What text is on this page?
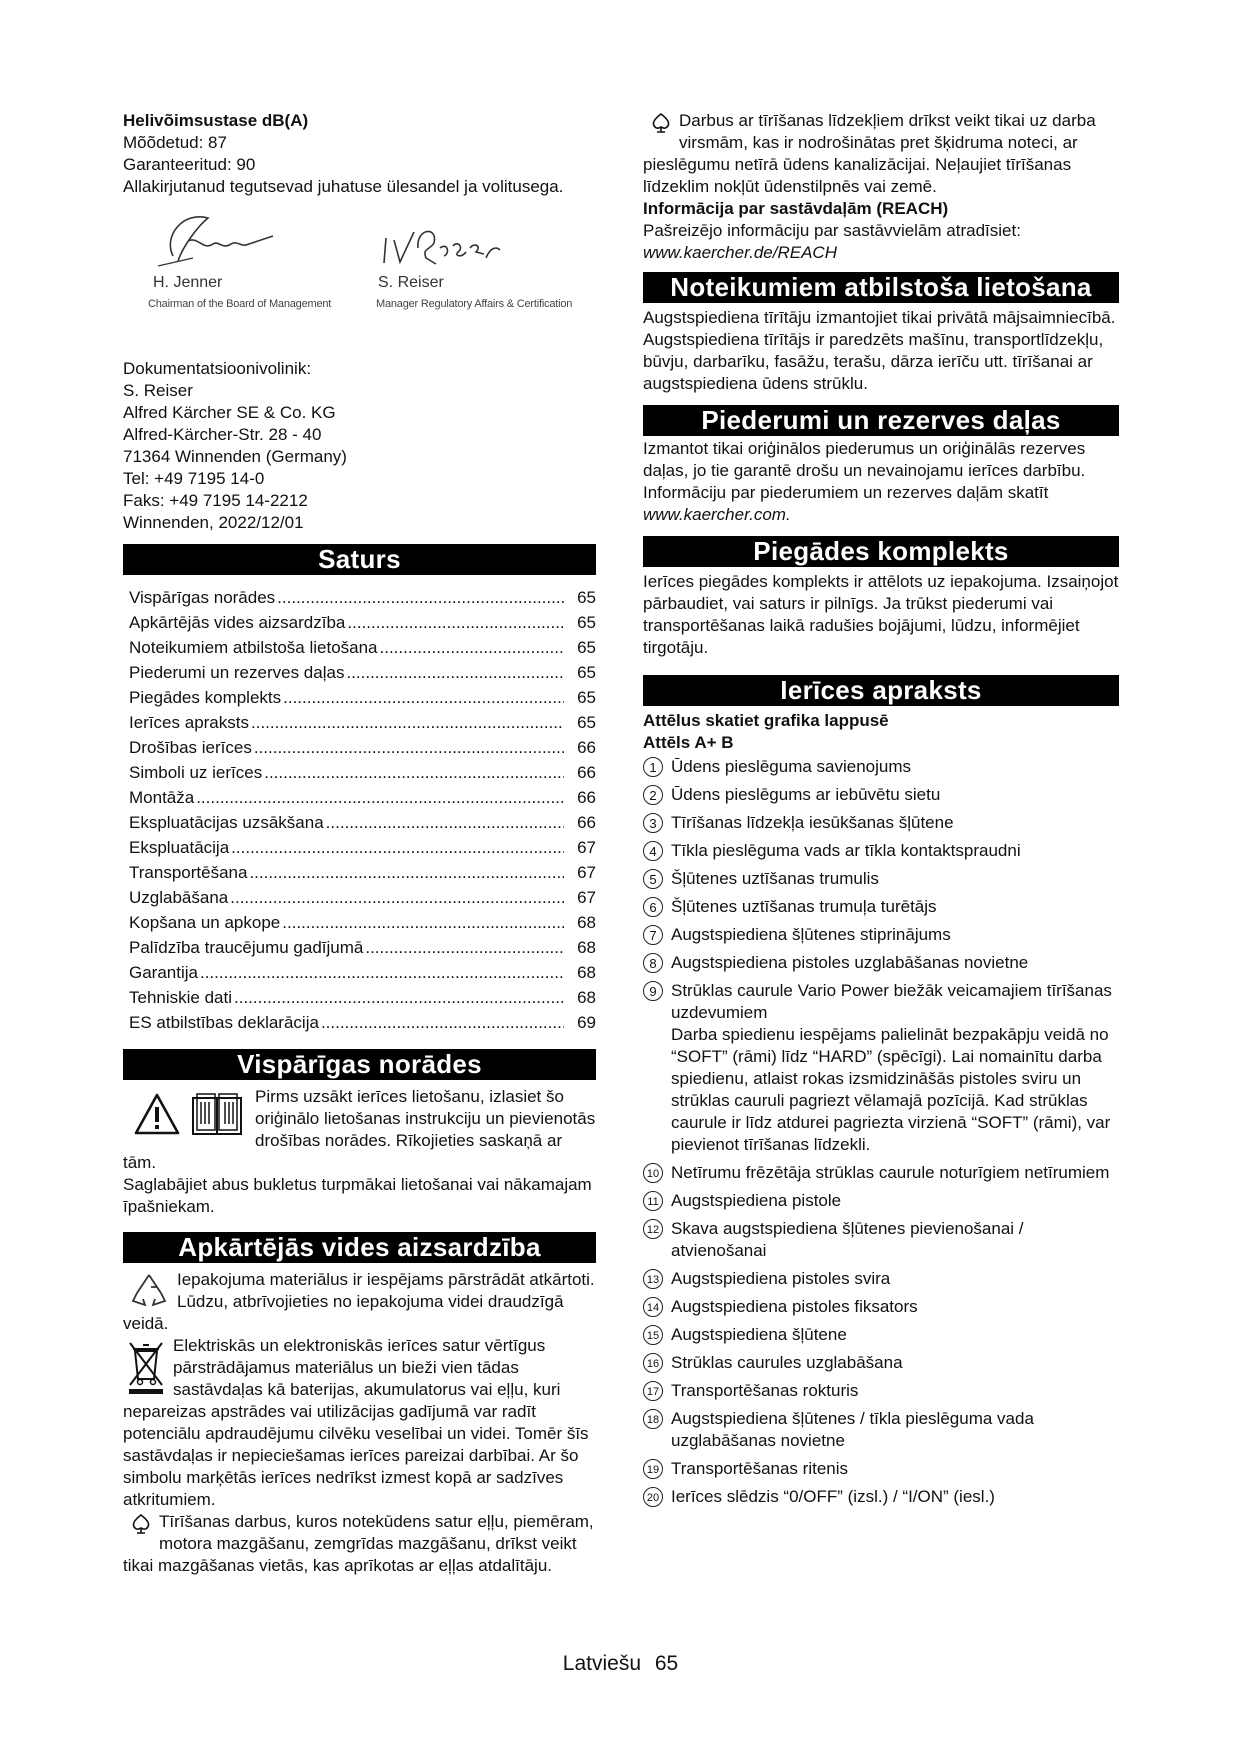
Helivõimsustase dB(A)

Mõõdetud: 87

Garanteeritud: 90

Allakirjutanud tegutsevad juhatuse ülesandel ja volitusega.

H. Jenner
Chairman of the Board of Management
S. Reiser
Manager Regulatory Affairs & Certification

Dokumentatsioonivolinik:

S. Reiser

Alfred Kärcher SE & Co. KG

Alfred-Kärcher-Str. 28 - 40

71364 Winnenden (Germany)

Tel: +49 7195 14-0

Faks: +49 7195 14-2212

Winnenden, 2022/12/01

Saturs
Vispārīgas norādes .....	65
Apkārtējās vides aizsardzība .....	65
Noteikumiem atbilstoša lietošana .....	65
Piederumi un rezerves daļas .....	65
Piegādes komplekts .....	65
Ierīces apraksts .....	65
Drošības ierīces .....	66
Simboli uz ierīces .....	66
Montāža .....	66
Ekspluatācijas uzsākšana .....	66
Ekspluatācija .....	67
Transportēšana .....	67
Uzglabāšana .....	67
Kopšana un apkope .....	68
Palīdzība traucējumu gadījumā .....	68
Garantija .....	68
Tehniskie dati .....	68
ES atbilstības deklarācija .....	69
Vispārīgas norādes

Pirms uzsākt ierīces lietošanu, izlasiet šo oriģinālo lietošanas instrukciju un pievienotās drošības norādes. Rīkojieties saskaņā ar tām.

Saglabājiet abus bukletus turpmākai lietošanai vai nākamajam īpašniekam.

Apkārtējās vides aizsardzība

Iepakojuma materiālus ir iespējams pārstrādāt atkārtoti. Lūdzu, atbrīvojieties no iepakojuma videi draudzīgā veidā.

Elektriskās un elektroniskās ierīces satur vērtīgus pārstrādājamus materiālus un bieži vien tādas sastāvdaļas kā baterijas, akumulatorus vai eļļu, kuri nepareizas apstrādes vai utilizācijas gadījumā var radīt potenciālu apdraudējumu cilvēku veselībai un videi. Tomēr šīs sastāvdaļas ir nepieciešamas ierīces pareizai darbībai. Ar šo simbolu marķētās ierīces nedrīkst izmest kopā ar sadzīves atkritumiem.

Tīrīšanas darbus, kuros notekūdens satur eļļu, piemēram, motora mazgāšanu, zemgrīdas mazgāšanu, drīkst veikt tikai mazgāšanas vietās, kas aprīkotas ar eļļas atdalītāju.

Darbus ar tīrīšanas līdzekļiem drīkst veikt tikai uz darba virsmām, kas ir nodrošinātas pret šķidruma noteci, ar pieslēgumu netīrā ūdens kanalizācijai. Neļaujiet tīrīšanas līdzeklim nokļūt ūdenstilpnēs vai zemē.

Informācija par sastāvdaļām (REACH)

Pašreizējo informāciju par sastāvvielām atradīsiet:

www.kaercher.de/REACH

Noteikumiem atbilstoša lietošana

Augstspiediena tīrītāju izmantojiet tikai privātā mājsaimniecībā.

Augstspiediena tīrītājs ir paredzēts mašīnu, transportlīdzekļu, būvju, darbarīku, fasāžu, terašu, dārza ierīču utt. tīrīšanai ar augstspiediena ūdens strūklu.

Piederumi un rezerves daļas

Izmantot tikai oriģinālos piederumus un oriģinālās rezerves daļas, jo tie garantē drošu un nevainojamu ierīces darbību.

Informāciju par piederumiem un rezerves daļām skatīt

www.kaercher.com.

Piegādes komplekts

Ierīces piegādes komplekts ir attēlots uz iepakojuma. Izsaiņojot pārbaudiet, vai saturs ir pilnīgs. Ja trūkst piederumi vai transportēšanas laikā radušies bojājumi, lūdzu, informējiet tirgotāju.

Ierīces apraksts

Attēlus skatiet grafika lappusē

Attēls A+ B

1 Ūdens pieslēguma savienojums
2 Ūdens pieslēgums ar iebūvētu sietu
3 Tīrīšanas līdzekļa iesūkšanas šļūtene
4 Tīkla pieslēguma vads ar tīkla kontaktspraudni
5 Šļūtenes uztīšanas trumulis
6 Šļūtenes uztīšanas trumuļa turētājs
7 Augstspiediena šļūtenes stiprinājums
8 Augstspiediena pistoles uzglabāšanas novietne
9 Strūklas caurule Vario Power biežāk veicamajiem tīrīšanas uzdevumiem
Darba spiedienu iespējams palielināt bezpakāpju veidā no “SOFT” (rāmi) līdz “HARD” (spēcīgi). Lai nomainītu darba spiedienu, atlaist rokas izsmidzināšās pistoles sviru un strūklas cauruli pagriezt vēlamajā pozīcijā. Kad strūklas caurule ir līdz atdurei pagriezta virzienā “SOFT” (rāmi), var pievienot tīrīšanas līdzekli.
10 Netīrumu frēzētāja strūklas caurule noturīgiem netīrumiem
11 Augstspiediena pistole
12 Skava augstspiediena šļūtenes pievienošanai / atvienošanai
13 Augstspiediena pistoles svira
14 Augstspiediena pistoles fiksators
15 Augstspiediena šļūtene
16 Strūklas caurules uzglabāšana
17 Transportēšanas rokturis
18 Augstspiediena šļūtenes / tīkla pieslēguma vada uzglabāšanas novietne
19 Transportēšanas ritenis
20 Ierīces slēdzis “0/OFF” (izsl.) / “I/ON” (iesl.)
Latviešu 65
